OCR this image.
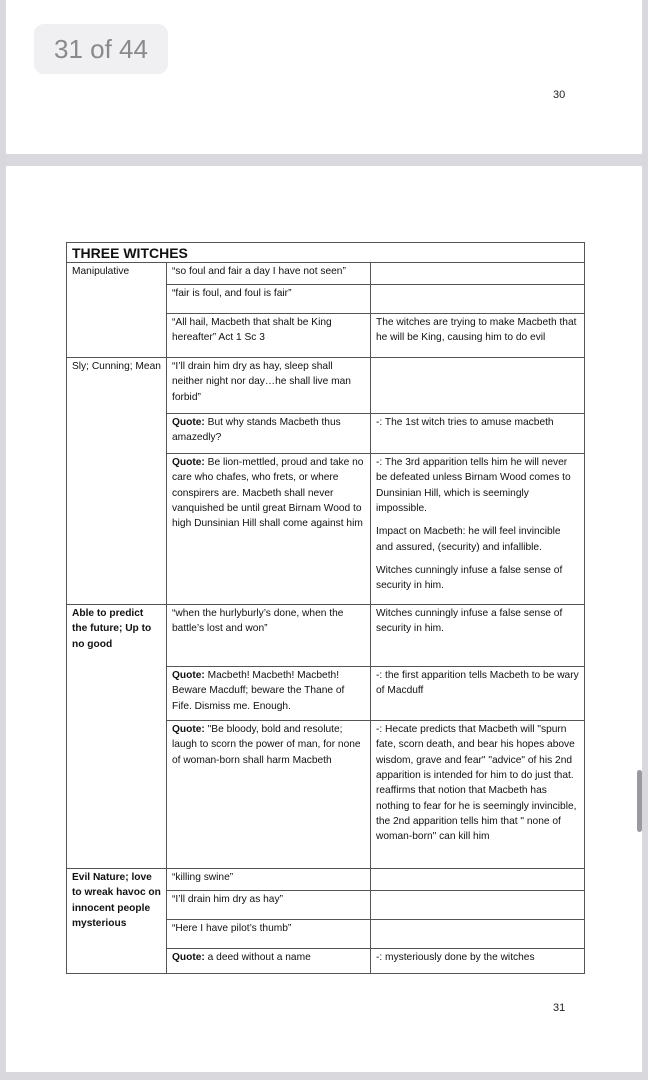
31 of 44
30
THREE WITCHES		
Manipulative	“so foul and fair a day I have not seen”	

	“fair is foul, and foul is fair”	

	“All hail, Macbeth that shalt be King hereafter” Act 1 Sc 3	The witches are trying to make Macbeth that he will be King, causing him to do evil

Sly; Cunning; Mean	“I’ll drain him dry as hay, sleep shall neither night nor day…he shall live man forbid”	

	Quote: But why stands Macbeth thus amazedly?	-: The 1st witch tries to amuse macbeth

	Quote: Be lion-mettled, proud and take no care who chafes, who frets, or where conspirers are. Macbeth shall never vanquished be until great Birnam Wood to high Dunsinian Hill shall come against him	-: The 3rd apparition tells him he will never be defeated unless Birnam Wood comes to Dunsinian Hill, which is seemingly impossible.
Impact on Macbeth: he will feel invincible and assured, (security) and infallible.
Witches cunningly infuse a false sense of security in him.

Able to predict the future; Up to no good	“when the hurlyburly’s done, when the battle’s lost and won”	Witches cunningly infuse a false sense of security in him.

	Quote: Macbeth! Macbeth! Macbeth! Beware Macduff; beware the Thane of Fife. Dismiss me. Enough.	-: the first apparition tells Macbeth to be wary of Macduff

	Quote: "Be bloody, bold and resolute; laugh to scorn the power of man, for none of woman-born shall harm Macbeth	-: Hecate predicts that Macbeth will "spurn fate, scorn death, and bear his hopes above wisdom, grave and fear" "advice" of his 2nd apparition is intended for him to do just that. reaffirms that notion that Macbeth has nothing to fear for he is seemingly invincible, the 2nd apparition tells him that " none of woman-born" can kill him

Evil Nature; love to wreak havoc on innocent people mysterious	“killing swine”	

	“I’ll drain him dry as hay”	

	“Here I have pilot’s thumb”	

	Quote: a deed without a name	-: mysteriously done by the witches
31
